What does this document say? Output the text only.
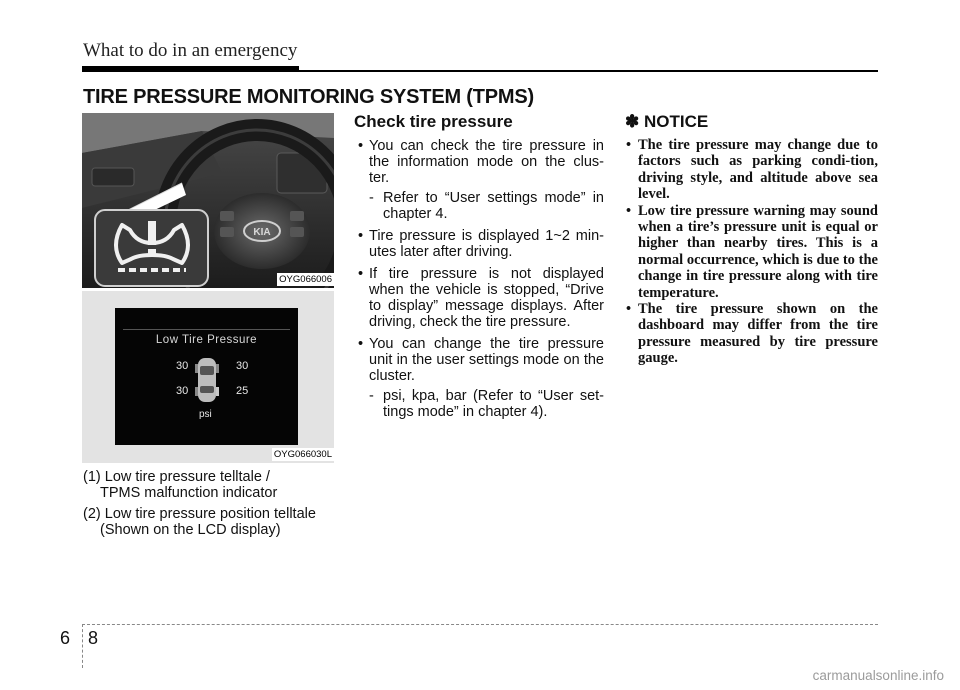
What to do in an emergency
TIRE PRESSURE MONITORING SYSTEM (TPMS)
KIA
OYG066006
Low Tire Pressure
30	30
30	25
psi
OYG066030L
(1) Low tire pressure telltale /
TPMS malfunction indicator
(2) Low tire pressure position telltale
(Shown on the LCD display)
Check tire pressure
• You can check the tire pressure in the information mode on the clus-ter.
- Refer to “User settings mode” in chapter 4.
• Tire pressure is displayed 1~2 min-utes later after driving.
• If tire pressure is not displayed when the vehicle is stopped, “Drive to display” message displays. After driving, check the tire pressure.
• You can change the tire pressure unit in the user settings mode on the cluster.
- psi, kpa, bar (Refer to “User set-tings mode” in chapter 4).
✽ NOTICE
• The tire pressure may change due to factors such as parking condi-tion, driving style, and altitude above sea level.
• Low tire pressure warning may sound when a tire’s pressure unit is equal or higher than nearby tires. This is a normal occurrence, which is due to the change in tire pressure along with tire temperature.
• The tire pressure shown on the dashboard may differ from the tire pressure measured by tire pressure gauge.
6 8
carmanualsonline.info
